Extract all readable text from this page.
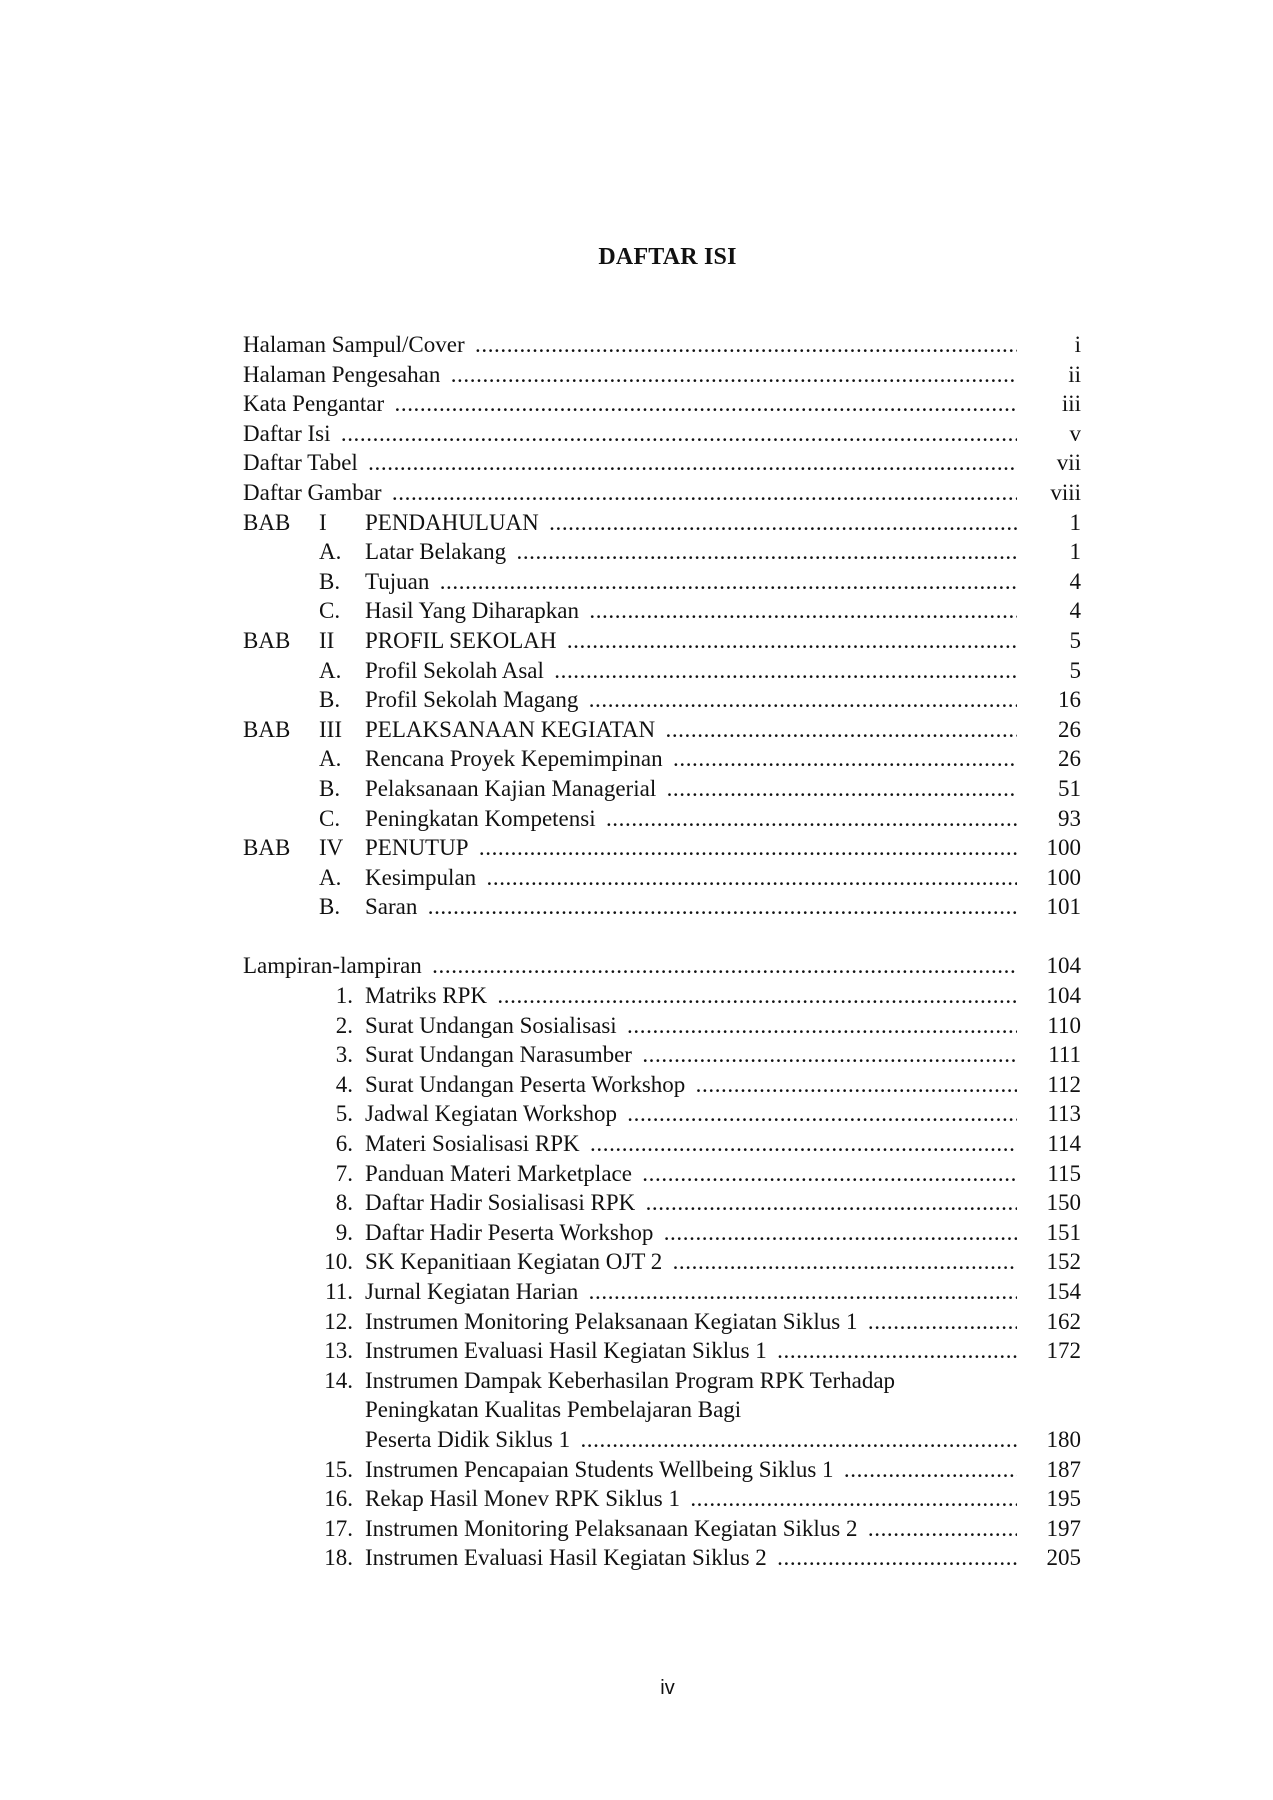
DAFTAR ISI
Halaman Sampul/Cover .....	i
Halaman Pengesahan .....	ii
Kata Pengantar .....	iii
Daftar Isi .....	v
Daftar Tabel .....	vii
Daftar Gambar .....	viii
BAB I PENDAHULUAN .....	1
A. Latar Belakang .....	1
B. Tujuan .....	4
C. Hasil Yang Diharapkan .....	4
BAB II PROFIL SEKOLAH .....	5
A. Profil Sekolah Asal .....	5
B. Profil Sekolah Magang .....	16
BAB III PELAKSANAAN KEGIATAN .....	26
A. Rencana Proyek Kepemimpinan .....	26
B. Pelaksanaan Kajian Managerial .....	51
C. Peningkatan Kompetensi .....	93
BAB IV PENUTUP .....	100
A. Kesimpulan .....	100
B. Saran .....	101
Lampiran-lampiran .....	104
1. Matriks RPK .....	104
2. Surat Undangan Sosialisasi .....	110
3. Surat Undangan Narasumber .....	111
4. Surat Undangan Peserta Workshop .....	112
5. Jadwal Kegiatan Workshop .....	113
6. Materi Sosialisasi RPK .....	114
7. Panduan Materi Marketplace .....	115
8. Daftar Hadir Sosialisasi RPK .....	150
9. Daftar Hadir Peserta Workshop .....	151
10. SK Kepanitiaan Kegiatan OJT 2 .....	152
11. Jurnal Kegiatan Harian .....	154
12. Instrumen Monitoring Pelaksanaan Kegiatan Siklus 1 .....	162
13. Instrumen Evaluasi Hasil Kegiatan Siklus 1 .....	172
14. Instrumen Dampak Keberhasilan Program RPK Terhadap
Peningkatan Kualitas Pembelajaran Bagi
Peserta Didik Siklus 1 .....	180
15. Instrumen Pencapaian Students Wellbeing Siklus 1 .....	187
16. Rekap Hasil Monev RPK Siklus 1 .....	195
17. Instrumen Monitoring Pelaksanaan Kegiatan Siklus 2 .....	197
18. Instrumen Evaluasi Hasil Kegiatan Siklus 2 .....	205

iv
